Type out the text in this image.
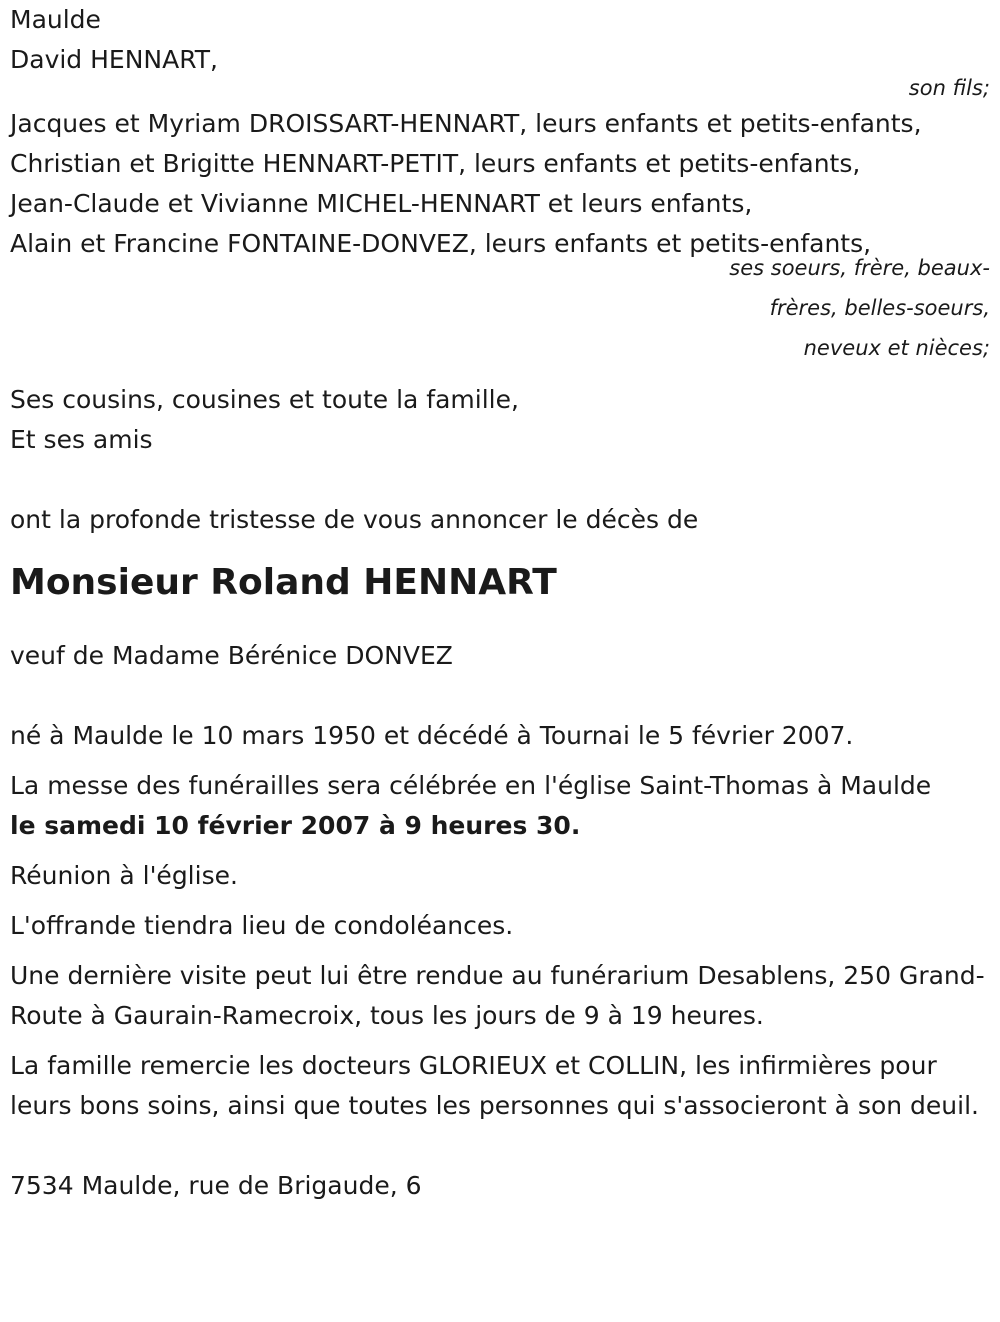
Maulde
David HENNART,
son fils;
Jacques et Myriam DROISSART-HENNART, leurs enfants et petits-enfants,
Christian et Brigitte HENNART-PETIT, leurs enfants et petits-enfants,
Jean-Claude et Vivianne MICHEL-HENNART et leurs enfants,
Alain et Francine FONTAINE-DONVEZ, leurs enfants et petits-enfants,
ses soeurs, frère, beaux-frères, belles-soeurs, neveux et nièces;
Ses cousins, cousines et toute la famille,
Et ses amis
ont la profonde tristesse de vous annoncer le décès de
Monsieur Roland HENNART
veuf de Madame Bérénice DONVEZ
né à Maulde le 10 mars 1950 et décédé à Tournai le 5 février 2007.
La messe des funérailles sera célébrée en l'église Saint-Thomas à Maulde
le samedi 10 février 2007 à 9 heures 30.
Réunion à l'église.
L'offrande tiendra lieu de condoléances.
Une dernière visite peut lui être rendue au funérarium Desablens, 250 Grand-Route à Gaurain-Ramecroix, tous les jours de 9 à 19 heures.
La famille remercie les docteurs GLORIEUX et COLLIN, les infirmières pour leurs bons soins, ainsi que toutes les personnes qui s'associeront à son deuil.
7534 Maulde, rue de Brigaude, 6
